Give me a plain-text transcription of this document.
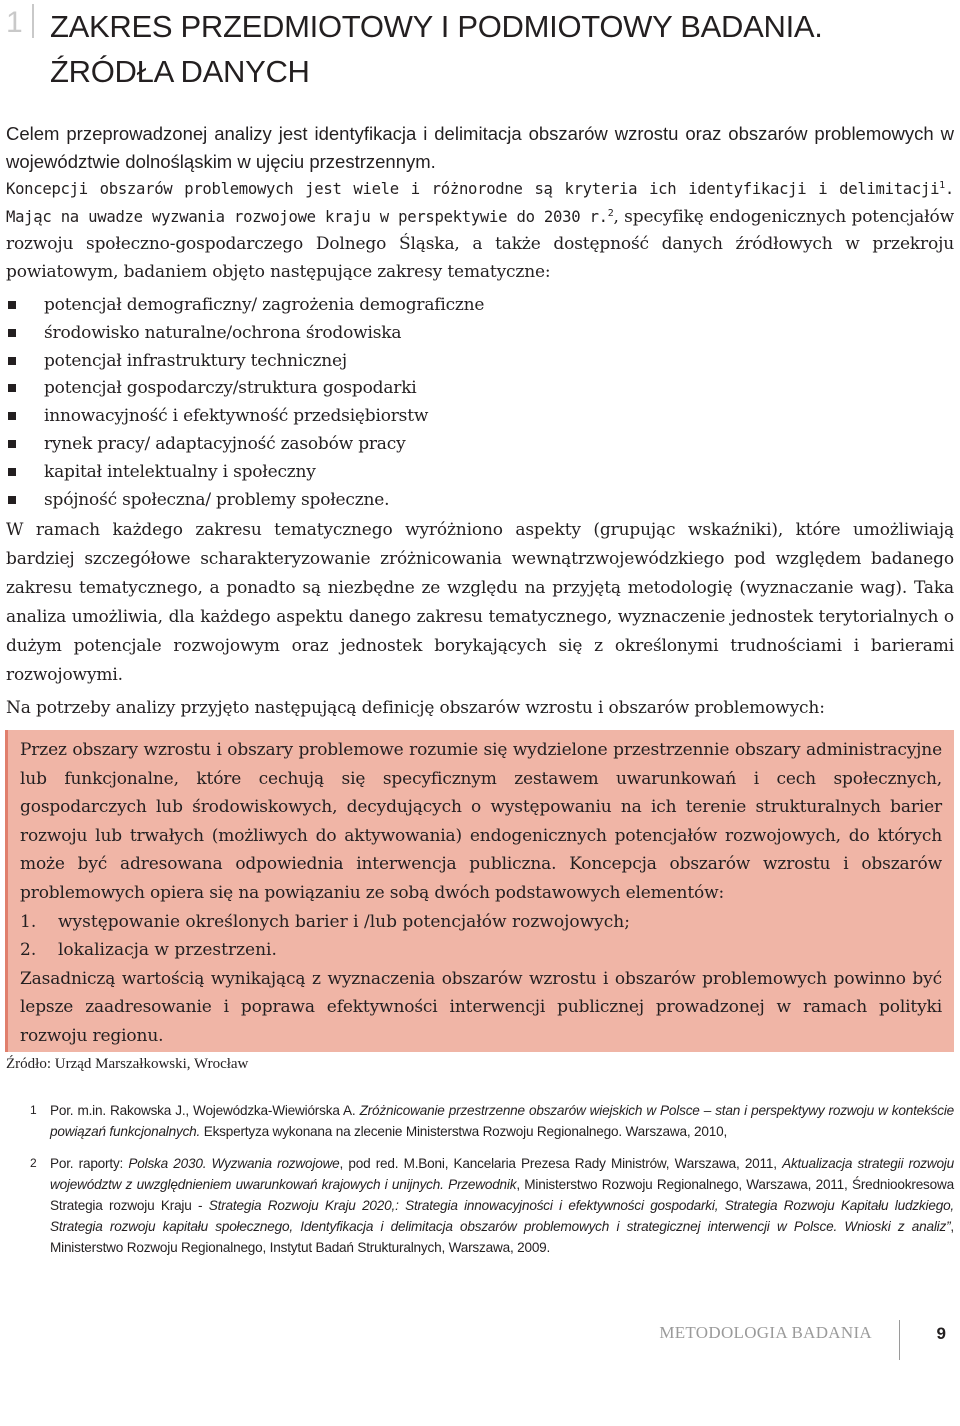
1 ZAKRES PRZEDMIOTOWY I PODMIOTOWY BADANIA.
ŹRÓDŁA DANYCH

Celem przeprowadzonej analizy jest identyfikacja i delimitacja obszarów wzrostu oraz obszarów problemowych w województwie dolnośląskim w ujęciu przestrzennym.

Koncepcji obszarów problemowych jest wiele i różnorodne są kryteria ich identyfikacji i delimitacji$^1$. Mając na uwadze wyzwania rozwojowe kraju w perspektywie do 2030 r.$^2$, specyfikę endogenicznych potencjałów rozwoju społeczno-gospodarczego Dolnego Śląska, a także dostępność danych źródłowych w przekroju powiatowym, badaniem objęto następujące zakresy tematyczne:

potencjał demograficzny/ zagrożenia demograficzne
środowisko naturalne/ochrona środowiska
potencjał infrastruktury technicznej
potencjał gospodarczy/struktura gospodarki
innowacyjność i efektywność przedsiębiorstw
rynek pracy/ adaptacyjność zasobów pracy
kapitał intelektualny i społeczny
spójność społeczna/ problemy społeczne.

W ramach każdego zakresu tematycznego wyróżniono aspekty (grupując wskaźniki), które umożliwiają bardziej szczegółowe scharakteryzowanie zróżnicowania wewnątrzwojewódzkiego pod względem badanego zakresu tematycznego, a ponadto są niezbędne ze względu na przyjętą metodologię (wyznaczanie wag). Taka analiza umożliwia, dla każdego aspektu danego zakresu tematycznego, wyznaczenie jednostek terytorialnych o dużym potencjale rozwojowym oraz jednostek borykających się z określonymi trudnościami i barierami rozwojowymi.

Na potrzeby analizy przyjęto następującą definicję obszarów wzrostu i obszarów problemowych:

Przez obszary wzrostu i obszary problemowe rozumie się wydzielone przestrzennie obszary administracyjne lub funkcjonalne, które cechują się specyficznym zestawem uwarunkowań i cech społecznych, gospodarczych lub środowiskowych, decydujących o występowaniu na ich terenie strukturalnych barier rozwoju lub trwałych (możliwych do aktywowania) endogenicznych potencjałów rozwojowych, do których może być adresowana odpowiednia interwencja publiczna. Koncepcja obszarów wzrostu i obszarów problemowych opiera się na powiązaniu ze sobą dwóch podstawowych elementów:

1. występowanie określonych barier i /lub potencjałów rozwojowych;
2. lokalizacja w przestrzeni.

Zasadniczą wartością wynikającą z wyznaczenia obszarów wzrostu i obszarów problemowych powinno być lepsze zaadresowanie i poprawa efektywności interwencji publicznej prowadzonej w ramach polityki rozwoju regionu.

Źródło: Urząd Marszałkowski, Wrocław

1 Por. m.in. Rakowska J., Wojewódzka-Wiewiórska A. Zróżnicowanie przestrzenne obszarów wiejskich w Polsce – stan i perspektywy rozwoju w kontekście powiązań funkcjonalnych. Ekspertyza wykonana na zlecenie Ministerstwa Rozwoju Regionalnego. Warszawa, 2010,

2 Por. raporty: Polska 2030. Wyzwania rozwojowe, pod red. M.Boni, Kancelaria Prezesa Rady Ministrów, Warszawa, 2011, Aktualizacja strategii rozwoju województw z uwzględnieniem uwarunkowań krajowych i unijnych. Przewodnik, Ministerstwo Rozwoju Regionalnego, Warszawa, 2011, Średniookresowa Strategia rozwoju Kraju - Strategia Rozwoju Kraju 2020,: Strategia innowacyjności i efektywności gospodarki, Strategia Rozwoju Kapitału ludzkiego, Strategia rozwoju kapitału społecznego, Identyfikacja i delimitacja obszarów problemowych i strategicznej interwencji w Polsce. Wnioski z analiz”, Ministerstwo Rozwoju Regionalnego, Instytut Badań Strukturalnych, Warszawa, 2009.

METODOLOGIA BADANIA	9
